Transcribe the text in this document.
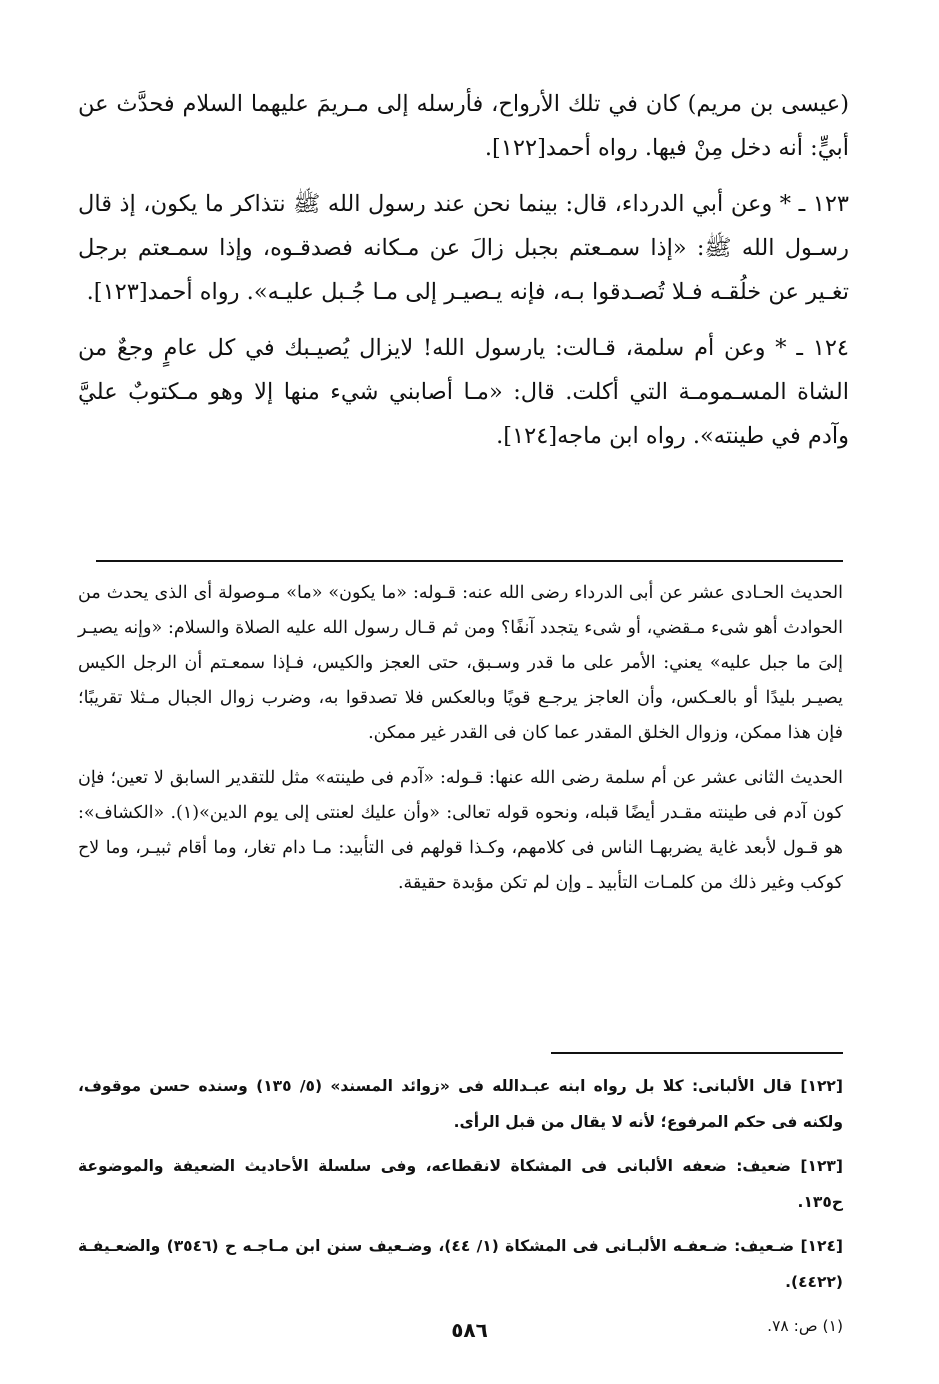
(عيسى بن مريم) كان في تلك الأرواح، فأرسله إلى مـريمَ عليهما السلام فحدَّث عن أبيٍّ: أنه دخل مِنْ فيها. رواه أحمد[١٢٢].

١٢٣ ـ * وعن أبي الدرداء، قال: بينما نحن عند رسول الله ﷺ نتذاكر ما يكون، إذ قال رسـول الله ﷺ: «إذا سمـعتم بجبل زالَ عن مـكانه فصدقـوه، وإذا سمـعتم برجل تغـير عن خلُقـه فـلا تُصـدقوا بـه، فإنه يـصيـر إلى مـا جُـبل عليـه». رواه أحمد[١٢٣].

١٢٤ ـ * وعن أم سلمة، قـالت: يارسول الله! لايزال يُصيـبك في كل عامٍ وجعٌ من الشاة المسـمومـة التي أكلت. قال: «مـا أصابني شيء منها إلا وهو مـكتوبٌ عليَّ وآدم في طينته». رواه ابن ماجه[١٢٤].

الحديث الحـادى عشر عن أبى الدرداء رضى الله عنه: قـوله: «ما يكون» «ما» مـوصولة أى الذى يحدث من الحوادث أهو شىء مـقضي، أو شىء يتجدد آنفًا؟ ومن ثم قـال رسول الله عليه الصلاة والسلام: «وإنه يصيـر إلىَ ما جبل عليه» يعني: الأمر على ما قدر وسـبق، حتى العجز والكيس، فـإذا سمعـتم أن الرجل الكيس يصيـر بليدًا أو بالعـكس، وأن العاجز يرجـع قويًا وبالعكس فلا تصدقوا به، وضرب زوال الجبال مـثلا تقريبًا؛ فإن هذا ممكن، وزوال الخلق المقدر عما كان فى القدر غير ممكن.

الحديث الثانى عشر عن أم سلمة رضى الله عنها: قـوله: «آدم فى طينته» مثل للتقدير السابق لا تعين؛ فإن كون آدم فى طينته مقـدر أيضًا قبله، ونحوه قوله تعالى: «وأن عليك لعنتى إلى يوم الدين»(١). «الكشاف»: هو قـول لأبعد غاية يضربهـا الناس فى كلامهم، وكـذا قولهم فى التأبيد: مـا دام تغار، وما أقام ثبيـر، وما لاح كوكب وغير ذلك من كلمـات التأبيد ـ وإن لم تكن مؤبدة حقيقة.

[١٢٢] قال الألبانى: كلا بل رواه ابنه عبـدالله فى «زوائد المسند» (٥/ ١٣٥) وسنده حسن موقوف، ولكنه فى حكم المرفوع؛ لأنه لا يقال من قبل الرأى.

[١٢٣] ضعيف: ضعفه الألبانى فى المشكاة لانقطاعه، وفى سلسلة الأحاديث الضعيفة والموضوعة ح١٣٥.

[١٢٤] ضـعيف: ضـعفـه الألبـانى فى المشكاة (١/ ٤٤)، وضـعيف سنن ابن مـاجـه ح (٣٥٤٦) والضعـيفـة (٤٤٢٢).

(١) ص: ٧٨.

٥٨٦
